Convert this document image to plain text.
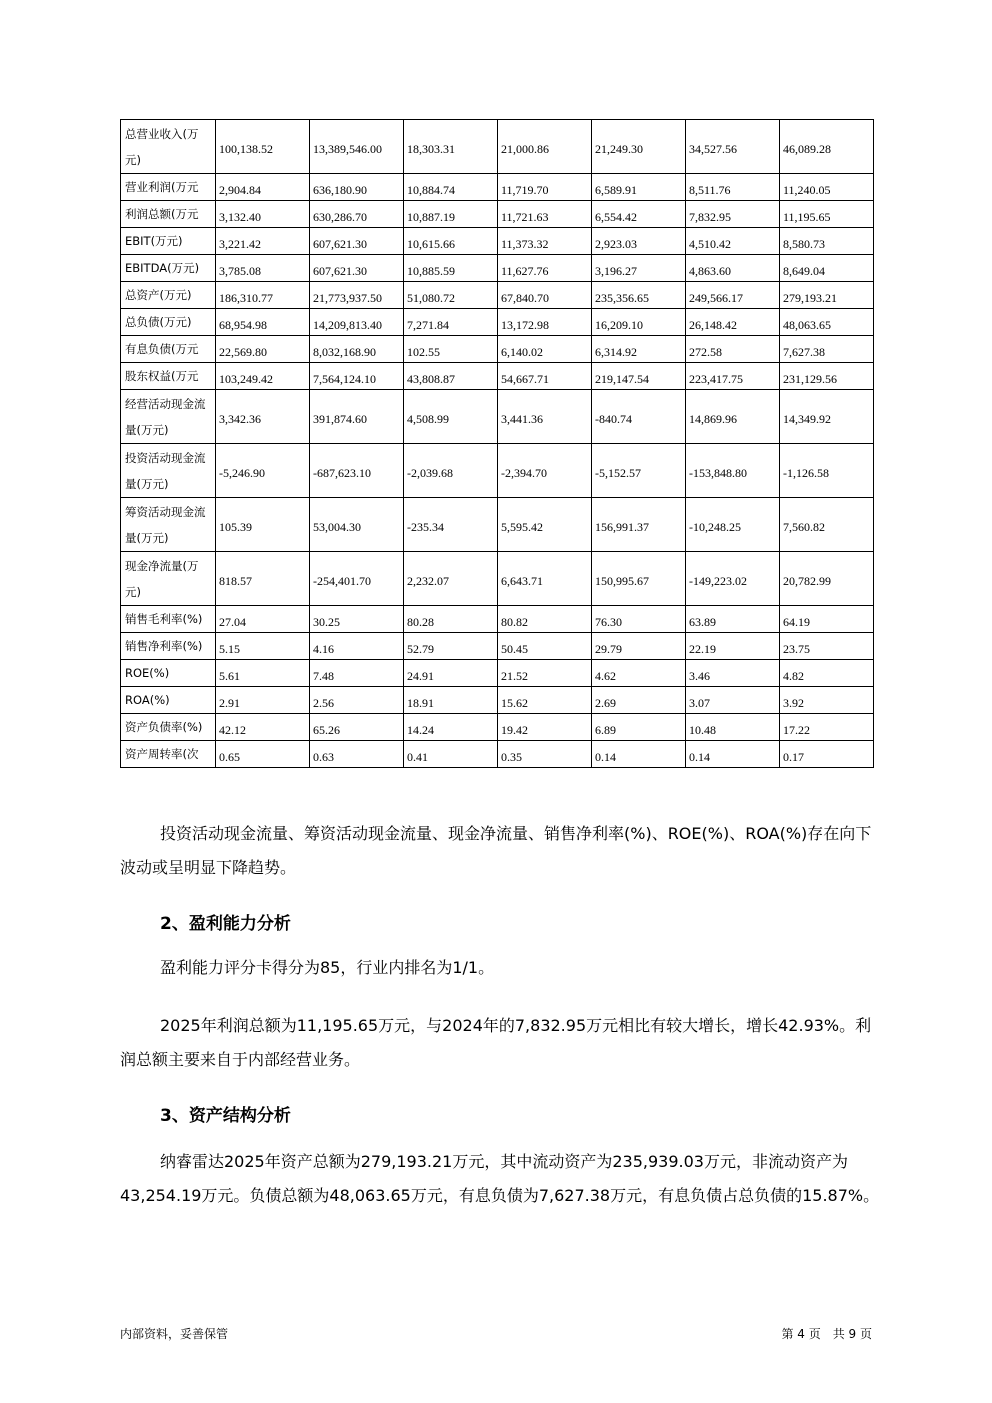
总营业收入(万元)	100,138.52	13,389,546.00	18,303.31	21,000.86	21,249.30	34,527.56	46,089.28
营业利润(万元	2,904.84	636,180.90	10,884.74	11,719.70	6,589.91	8,511.76	11,240.05
利润总额(万元	3,132.40	630,286.70	10,887.19	11,721.63	6,554.42	7,832.95	11,195.65
EBIT(万元)	3,221.42	607,621.30	10,615.66	11,373.32	2,923.03	4,510.42	8,580.73
EBITDA(万元)	3,785.08	607,621.30	10,885.59	11,627.76	3,196.27	4,863.60	8,649.04
总资产(万元)	186,310.77	21,773,937.50	51,080.72	67,840.70	235,356.65	249,566.17	279,193.21
总负债(万元)	68,954.98	14,209,813.40	7,271.84	13,172.98	16,209.10	26,148.42	48,063.65
有息负债(万元	22,569.80	8,032,168.90	102.55	6,140.02	6,314.92	272.58	7,627.38
股东权益(万元	103,249.42	7,564,124.10	43,808.87	54,667.71	219,147.54	223,417.75	231,129.56
经营活动现金流量(万元)	3,342.36	391,874.60	4,508.99	3,441.36	-840.74	14,869.96	14,349.92
投资活动现金流量(万元)	-5,246.90	-687,623.10	-2,039.68	-2,394.70	-5,152.57	-153,848.80	-1,126.58
筹资活动现金流量(万元)	105.39	53,004.30	-235.34	5,595.42	156,991.37	-10,248.25	7,560.82
现金净流量(万元)	818.57	-254,401.70	2,232.07	6,643.71	150,995.67	-149,223.02	20,782.99
销售毛利率(%)	27.04	30.25	80.28	80.82	76.30	63.89	64.19
销售净利率(%)	5.15	4.16	52.79	50.45	29.79	22.19	23.75
ROE(%)	5.61	7.48	24.91	21.52	4.62	3.46	4.82
ROA(%)	2.91	2.56	18.91	15.62	2.69	3.07	3.92
资产负债率(%)	42.12	65.26	14.24	19.42	6.89	10.48	17.22
资产周转率(次	0.65	0.63	0.41	0.35	0.14	0.14	0.17

投资活动现金流量、筹资活动现金流量、现金净流量、销售净利率(%)、ROE(%)、ROA(%)存在向下波动或呈明显下降趋势。

2、盈利能力分析

盈利能力评分卡得分为85，行业内排名为1/1。

2025年利润总额为11,195.65万元，与2024年的7,832.95万元相比有较大增长，增长42.93%。利润总额主要来自于内部经营业务。

3、资产结构分析

纳睿雷达2025年资产总额为279,193.21万元，其中流动资产为235,939.03万元，非流动资产为43,254.19万元。负债总额为48,063.65万元，有息负债为7,627.38万元，有息负债占总负债的15.87%。

内部资料，妥善保管	第 4 页　共 9 页
